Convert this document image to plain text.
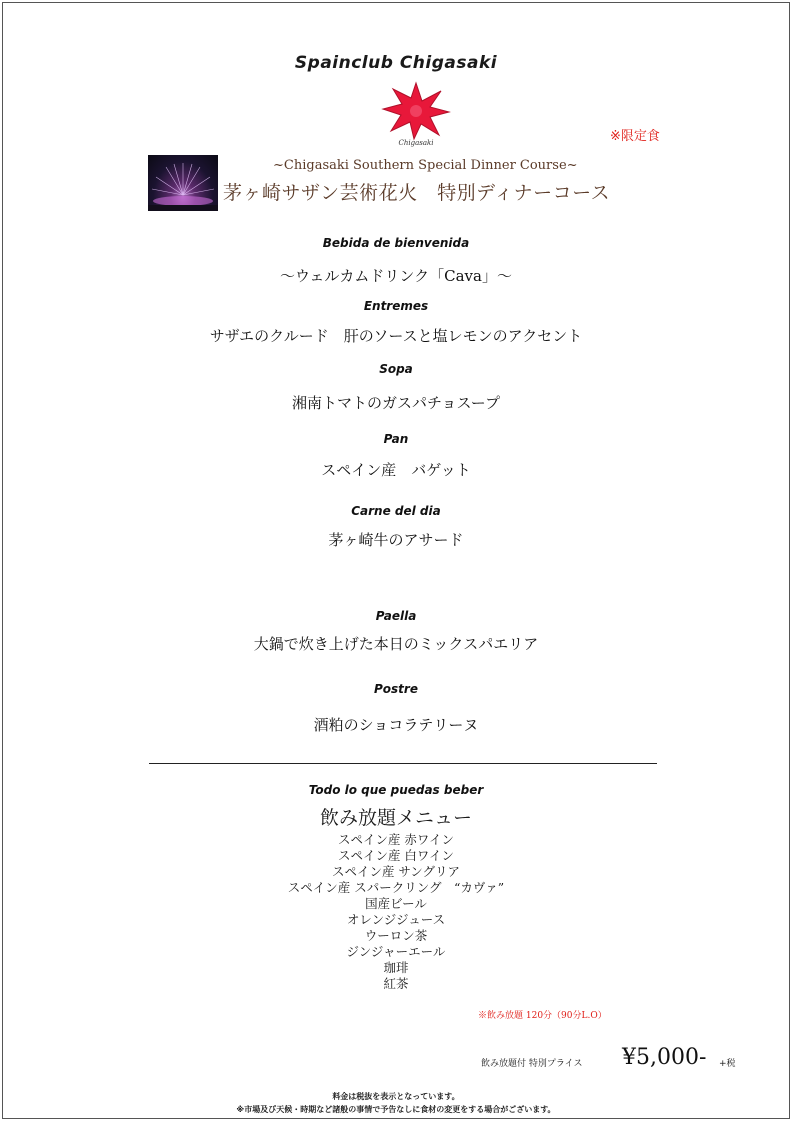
Spainclub Chigasaki
Chigasaki	※限定食
~Chigasaki Southern Special Dinner Course~
茅ヶ崎サザン芸術花火　特別ディナーコース
Bebida de bienvenida
～ウェルカムドリンク「Cava」～
Entremes
サザエのクルード　肝のソースと塩レモンのアクセント
Sopa
湘南トマトのガスパチョスープ
Pan
スペイン産　バゲット
Carne del dia
茅ヶ崎牛のアサード
Paella
大鍋で炊き上げた本日のミックスパエリア
Postre
酒粕のショコラテリーヌ
Todo lo que puedas beber
飲み放題メニュー
スペイン産 赤ワイン
スペイン産 白ワイン
スペイン産 サングリア
スペイン産 スパークリング　“カヴァ”
国産ビール
オレンジジュース
ウーロン茶
ジンジャーエール
珈琲
紅茶
※飲み放題 120分（90分L.O）
飲み放題付 特別プライス ¥5,000- +税
料金は税抜を表示となっています。
※市場及び天候・時期など諸般の事情で予告なしに食材の変更をする場合がございます。
